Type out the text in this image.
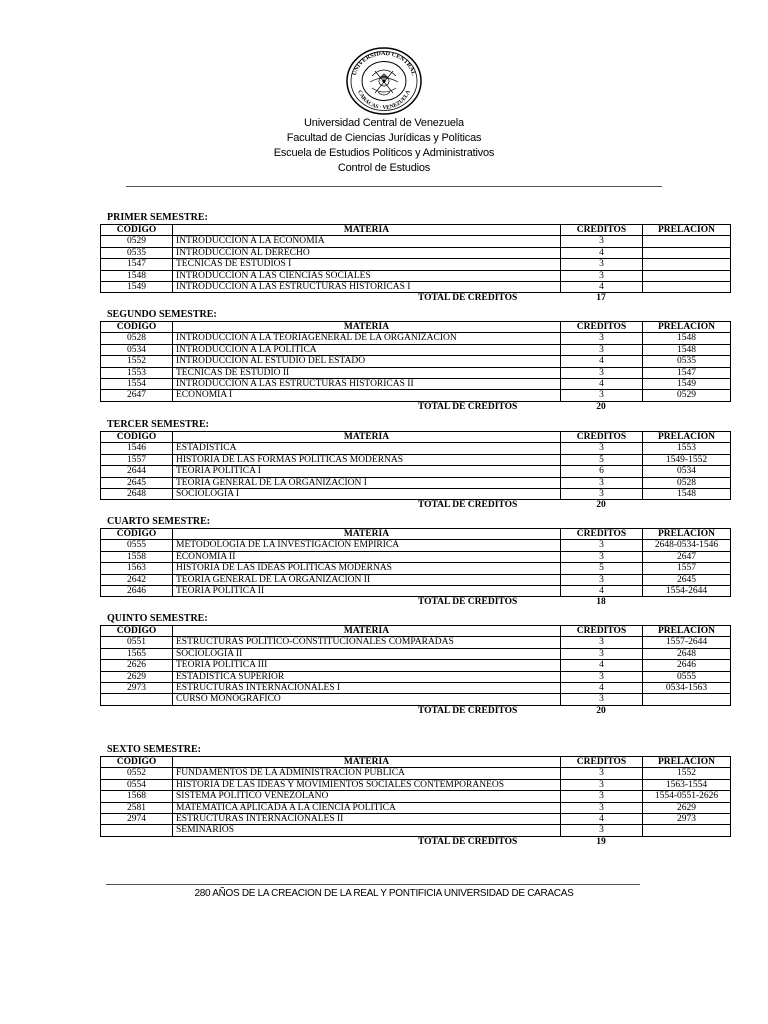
UNIVERSIDAD CENTRAL
CARACAS · VENEZUELA
Universidad Central de Venezuela
Facultad de Ciencias Jurídicas y Políticas
Escuela de Estudios Políticos y Administrativos
Control de Estudios
PRIMER SEMESTRE:
CODIGO	MATERIA	CREDITOS	PRELACION
0529	INTRODUCCION A LA ECONOMIA	3	
0535	INTRODUCCION AL DERECHO	4	
1547	TECNICAS DE ESTUDIOS I	3	
1548	INTRODUCCION A LAS CIENCIAS SOCIALES	3	
1549	INTRODUCCION A LAS ESTRUCTURAS HISTORICAS I	4	
TOTAL DE CREDITOS	17
SEGUNDO SEMESTRE:
CODIGO	MATERIA	CREDITOS	PRELACION
0528	INTRODUCCION A LA TEORIAGENERAL DE LA ORGANIZACION	3	1548
0534	INTRODUCCION A LA POLITICA	3	1548
1552	INTRODUCCION AL ESTUDIO DEL ESTADO	4	0535
1553	TECNICAS DE ESTUDIO II	3	1547
1554	INTRODUCCION A LAS ESTRUCTURAS HISTORICAS II	4	1549
2647	ECONOMIA I	3	0529
TOTAL DE CREDITOS	20
TERCER SEMESTRE:
CODIGO	MATERIA	CREDITOS	PRELACION
1546	ESTADISTICA	3	1553
1557	HISTORIA DE LAS FORMAS POLITICAS MODERNAS	5	1549-1552
2644	TEORIA POLITICA I	6	0534
2645	TEORIA GENERAL DE LA ORGANIZACION I	3	0528
2648	SOCIOLOGIA I	3	1548
TOTAL DE CREDITOS	20
CUARTO SEMESTRE:
CODIGO	MATERIA	CREDITOS	PRELACION
0555	METODOLOGIA DE LA INVESTIGACION EMPIRICA	3	2648-0534-1546
1558	ECONOMIA II	3	2647
1563	HISTORIA DE LAS IDEAS POLITICAS MODERNAS	5	1557
2642	TEORIA GENERAL DE LA ORGANIZACION II	3	2645
2646	TEORIA POLITICA II	4	1554-2644
TOTAL DE CREDITOS	18
QUINTO SEMESTRE:
CODIGO	MATERIA	CREDITOS	PRELACION
0551	ESTRUCTURAS POLITICO-CONSTITUCIONALES COMPARADAS	3	1557-2644
1565	SOCIOLOGIA II	3	2648
2626	TEORIA POLITICA III	4	2646
2629	ESTADISTICA SUPERIOR	3	0555
2973	ESTRUCTURAS INTERNACIONALES I	4	0534-1563
	CURSO MONOGRAFICO	3	
TOTAL DE CREDITOS	20
SEXTO SEMESTRE:
CODIGO	MATERIA	CREDITOS	PRELACION
0552	FUNDAMENTOS DE LA ADMINISTRACION PUBLICA	3	1552
0554	HISTORIA DE LAS IDEAS Y MOVIMIENTOS SOCIALES CONTEMPORANEOS	3	1563-1554
1568	SISTEMA POLITICO VENEZOLANO	3	1554-0551-2626
2581	MATEMATICA APLICADA A LA CIENCIA POLITICA	3	2629
2974	ESTRUCTURAS INTERNACIONALES II	4	2973
	SEMINARIOS	3	
TOTAL DE CREDITOS	19
280 AÑOS DE LA CREACION DE LA REAL Y PONTIFICIA UNIVERSIDAD DE CARACAS
